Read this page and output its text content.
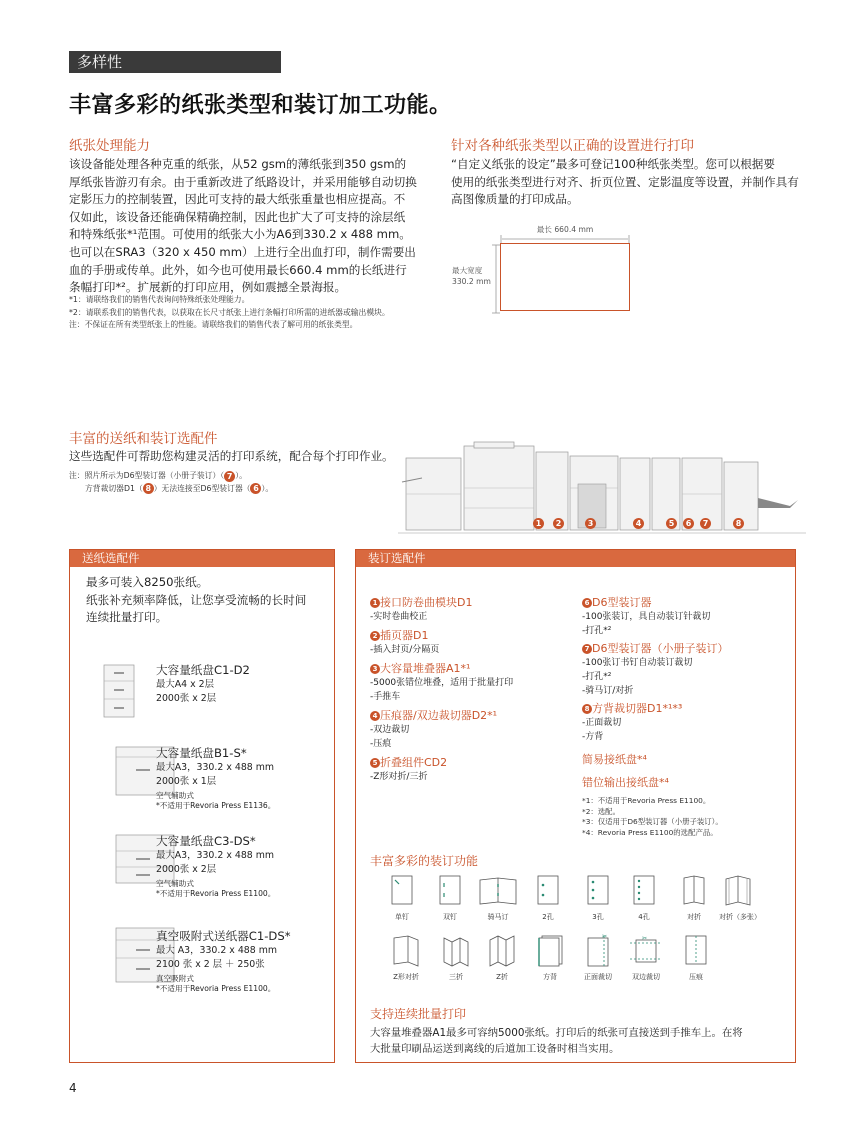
多样性
丰富多彩的纸张类型和装订加工功能。
纸张处理能力
该设备能处理各种克重的纸张，从52 gsm的薄纸张到350 gsm的
厚纸张皆游刃有余。由于重新改进了纸路设计，并采用能够自动切换
定影压力的控制装置，因此可支持的最大纸张重量也相应提高。不
仅如此，该设备还能确保精确控制，因此也扩大了可支持的涂层纸
和特殊纸张*¹范围。可使用的纸张大小为A6到330.2 x 488 mm。
也可以在SRA3（320 x 450 mm）上进行全出血打印，制作需要出
血的手册或传单。此外，如今也可使用最长660.4 mm的长纸进行
条幅打印*²。扩展新的打印应用，例如震撼全景海报。
*1：请联络我们的销售代表询问特殊纸张处理能力。
*2：请联系我们的销售代表，以获取在长尺寸纸张上进行条幅打印所需的进纸器或输出模块。
注：不保证在所有类型纸张上的性能。请联络我们的销售代表了解可用的纸张类型。
针对各种纸张类型以正确的设置进行打印
“自定义纸张的设定”最多可登记100种纸张类型。您可以根据要
使用的纸张类型进行对齐、折页位置、定影温度等设置，并制作具有
高图像质量的打印成品。
最长 660.4 mm
最大宽度
330.2 mm
丰富的送纸和装订选配件
这些选配件可帮助您构建灵活的打印系统，配合每个打印作业。
注：照片所示为D6型装订器（小册子装订）（ 7 ）。
方背裁切器D1（ 8 ）无法连接至D6型装订器（ 6 ）。
1	2	3	4	5	6	7	8
送纸选配件
最多可装入8250张纸。
纸张补充频率降低，让您享受流畅的长时间
连续批量打印。
大容量纸盘C1-D2
最大A4 x 2层
2000张 x 2层
大容量纸盘B1-S*
最大A3，330.2 x 488 mm
2000张 x 1层
空气辅助式
*不适用于Revoria Press E1136。
大容量纸盘C3-DS*
最大A3，330.2 x 488 mm
2000张 x 2层
空气辅助式
*不适用于Revoria Press E1100。
真空吸附式送纸器C1-DS*
最大 A3，330.2 x 488 mm
2100 张 x 2 层 ＋ 250张
真空吸附式
*不适用于Revoria Press E1100。
装订选配件
1 接口防卷曲模块D1
-实时卷曲校正
2 插页器D1
-插入封页/分隔页
3 大容量堆叠器A1*¹
-5000张错位堆叠，适用于批量打印
-手推车
4 压痕器/双边裁切器D2*¹
-双边裁切
-压痕
5 折叠组件CD2
-Z形对折/三折
6 D6型装订器
-100张装订，具自动装订针裁切
-打孔*²
7 D6型装订器（小册子装订）
-100张订书钉自动装订裁切
-打孔*²
-骑马订/对折
8 方背裁切器D1*¹*³
-正面裁切
-方背
简易接纸盘*⁴
错位输出接纸盘*⁴
*1：不适用于Revoria Press E1100。
*2：选配。
*3：仅适用于D6型装订器（小册子装订）。
*4：Revoria Press E1100的选配产品。
丰富多彩的装订功能
单钉	双钉	骑马订	2孔	3孔	4孔	对折	对折（多张）
✂	✂
Z形对折	三折	Z折	方背	正面裁切	双边裁切	压痕
支持连续批量打印
大容量堆叠器A1最多可容纳5000张纸。打印后的纸张可直接送到手推车上。在将
大批量印刷品运送到离线的后道加工设备时相当实用。
4
